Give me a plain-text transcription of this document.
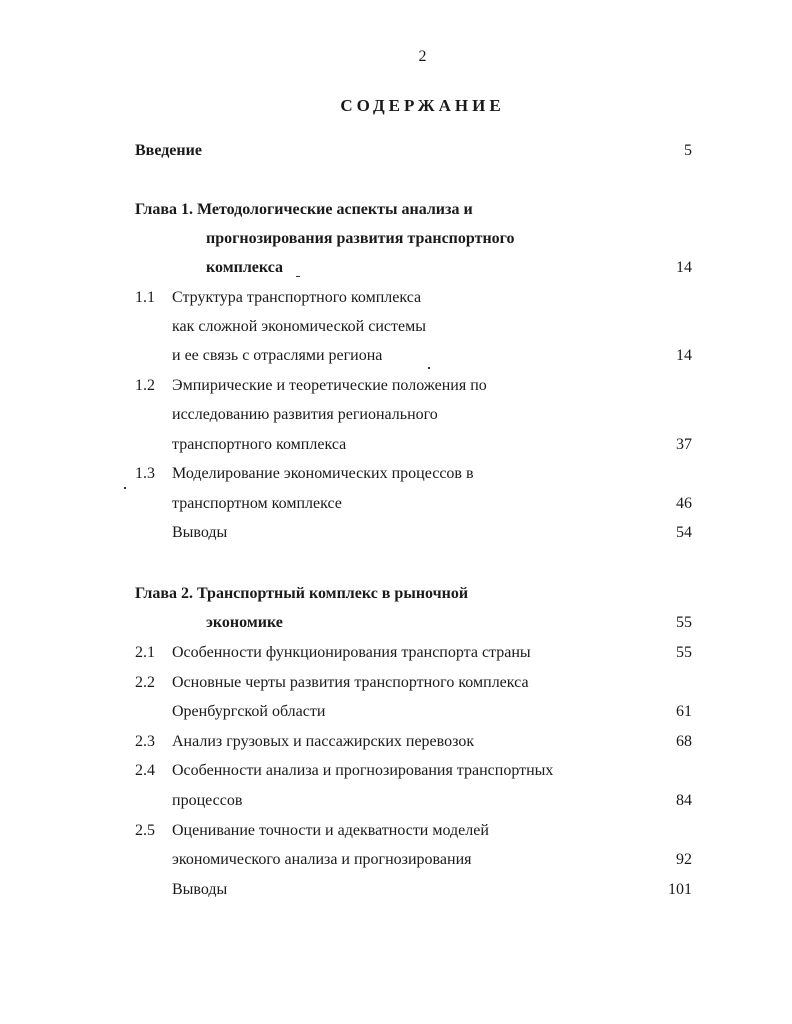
2
СОДЕРЖАНИЕ
Введение	5
Глава 1. Методологические аспекты анализа и
прогнозирования развития транспортного
комплекса	14
1.1 Структура транспортного комплекса
как сложной экономической системы
и ее связь с отраслями региона	14
1.2 Эмпирические и теоретические положения по
исследованию развития регионального
транспортного комплекса	37
1.3 Моделирование экономических процессов в
транспортном комплексе	46
Выводы	54
Глава 2. Транспортный комплекс в рыночной
экономике	55
2.1 Особенности функционирования транспорта страны	55
2.2 Основные черты развития транспортного комплекса
Оренбургской области	61
2.3 Анализ грузовых и пассажирских перевозок	68
2.4 Особенности анализа и прогнозирования транспортных
процессов	84
2.5 Оценивание точности и адекватности моделей
экономического анализа и прогнозирования	92
Выводы	101
